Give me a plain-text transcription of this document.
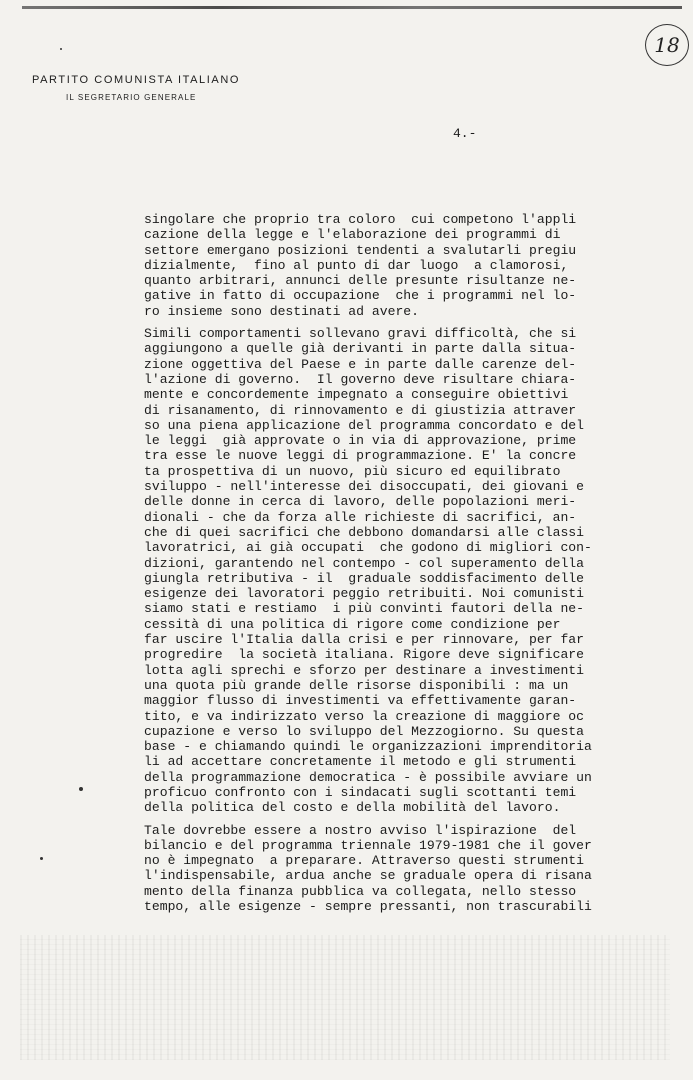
18

PARTITO COMUNISTA ITALIANO

IL SEGRETARIO GENERALE

4.-

singolare che proprio tra coloro  cui competono l'appli
cazione della legge e l'elaborazione dei programmi di
settore emergano posizioni tendenti a svalutarli pregiu
dizialmente,  fino al punto di dar luogo  a clamorosi,
quanto arbitrari, annunci delle presunte risultanze ne-
gative in fatto di occupazione  che i programmi nel lo-
ro insieme sono destinati ad avere.

Simili comportamenti sollevano gravi difficoltà, che si
aggiungono a quelle già derivanti in parte dalla situa-
zione oggettiva del Paese e in parte dalle carenze del-
l'azione di governo.  Il governo deve risultare chiara-
mente e concordemente impegnato a conseguire obiettivi
di risanamento, di rinnovamento e di giustizia attraver
so una piena applicazione del programma concordato e del
le leggi  già approvate o in via di approvazione, prime
tra esse le nuove leggi di programmazione. E' la concre
ta prospettiva di un nuovo, più sicuro ed equilibrato
sviluppo - nell'interesse dei disoccupati, dei giovani e
delle donne in cerca di lavoro, delle popolazioni meri-
dionali - che da forza alle richieste di sacrifici, an-
che di quei sacrifici che debbono domandarsi alle classi
lavoratrici, ai già occupati  che godono di migliori con-
dizioni, garantendo nel contempo - col superamento della
giungla retributiva - il  graduale soddisfacimento delle
esigenze dei lavoratori peggio retribuiti. Noi comunisti
siamo stati e restiamo  i più convinti fautori della ne-
cessità di una politica di rigore come condizione per
far uscire l'Italia dalla crisi e per rinnovare, per far
progredire  la società italiana. Rigore deve significare
lotta agli sprechi e sforzo per destinare a investimenti
una quota più grande delle risorse disponibili : ma un
maggior flusso di investimenti va effettivamente garan-
tito, e va indirizzato verso la creazione di maggiore oc
cupazione e verso lo sviluppo del Mezzogiorno. Su questa
base - e chiamando quindi le organizzazioni imprenditoria
li ad accettare concretamente il metodo e gli strumenti
della programmazione democratica - è possibile avviare un
proficuo confronto con i sindacati sugli scottanti temi
della politica del costo e della mobilità del lavoro.

Tale dovrebbe essere a nostro avviso l'ispirazione  del
bilancio e del programma triennale 1979-1981 che il gover
no è impegnato  a preparare. Attraverso questi strumenti
l'indispensabile, ardua anche se graduale opera di risana
mento della finanza pubblica va collegata, nello stesso
tempo, alle esigenze - sempre pressanti, non trascurabili
